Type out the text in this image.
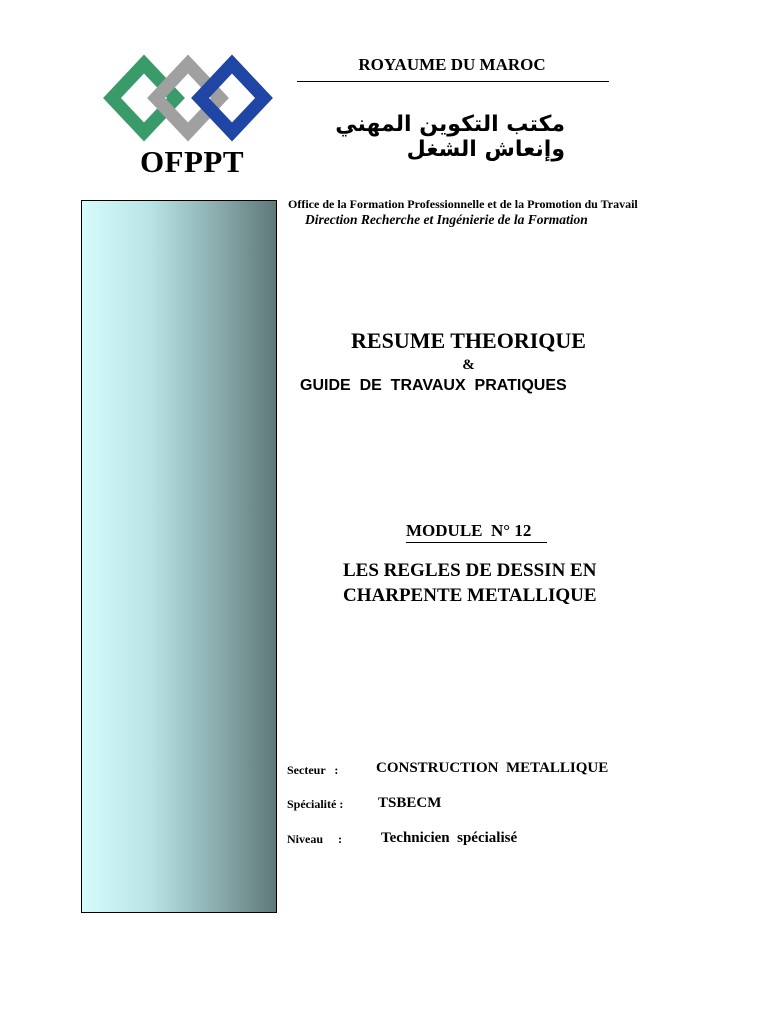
OFPPT
ROYAUME DU MAROC
مكتب التكوين المهني وإنعاش الشغل
Office de la Formation Professionnelle et de la Promotion du Travail
Direction Recherche et Ingénierie de la Formation
RESUME THEORIQUE
&
GUIDE  DE  TRAVAUX  PRATIQUES
MODULE  N° 12
LES REGLES DE DESSIN EN
CHARPENTE METALLIQUE
Secteur   :	CONSTRUCTION  METALLIQUE
Spécialité : TSBECM
Niveau     :	Technicien  spécialisé
